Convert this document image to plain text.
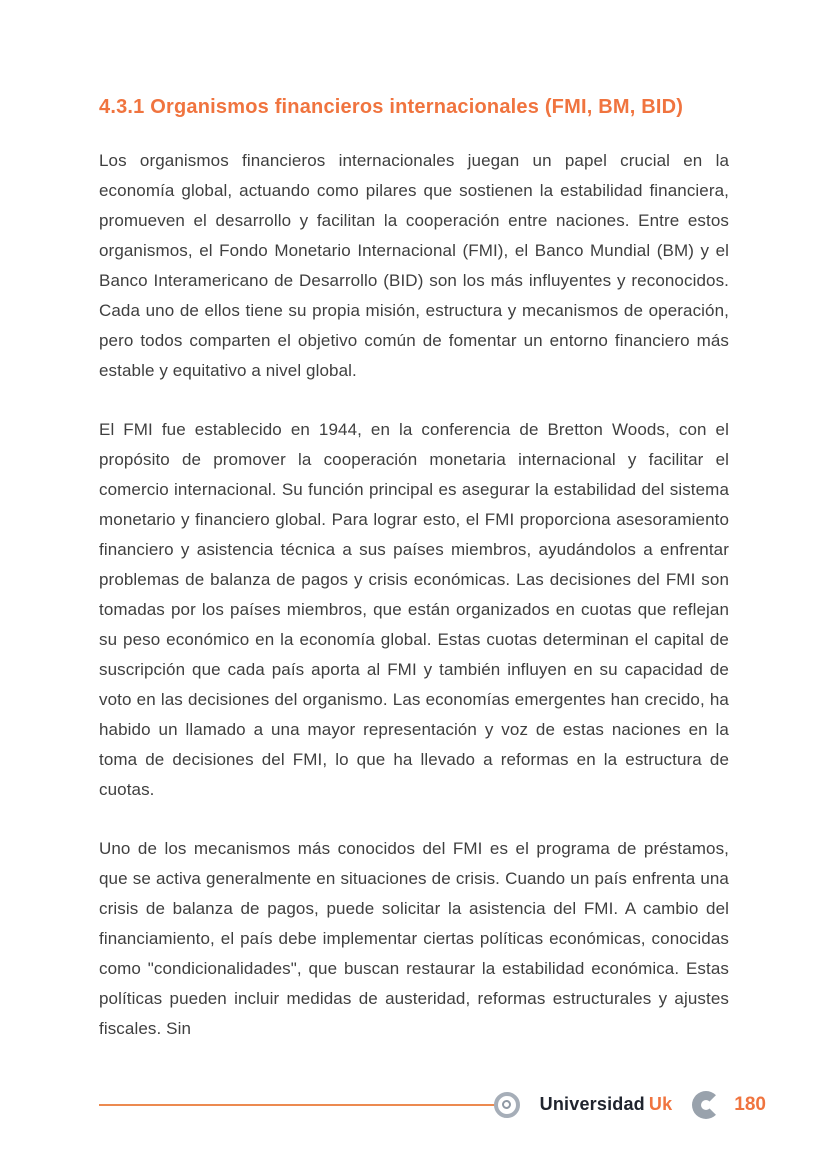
4.3.1 Organismos financieros internacionales (FMI, BM, BID)

Los organismos financieros internacionales juegan un papel crucial en la economía global, actuando como pilares que sostienen la estabilidad financiera, promueven el desarrollo y facilitan la cooperación entre naciones. Entre estos organismos, el Fondo Monetario Internacional (FMI), el Banco Mundial (BM) y el Banco Interamericano de Desarrollo (BID) son los más influyentes y reconocidos. Cada uno de ellos tiene su propia misión, estructura y mecanismos de operación, pero todos comparten el objetivo común de fomentar un entorno financiero más estable y equitativo a nivel global.

El FMI fue establecido en 1944, en la conferencia de Bretton Woods, con el propósito de promover la cooperación monetaria internacional y facilitar el comercio internacional. Su función principal es asegurar la estabilidad del sistema monetario y financiero global. Para lograr esto, el FMI proporciona asesoramiento financiero y asistencia técnica a sus países miembros, ayudándolos a enfrentar problemas de balanza de pagos y crisis económicas. Las decisiones del FMI son tomadas por los países miembros, que están organizados en cuotas que reflejan su peso económico en la economía global. Estas cuotas determinan el capital de suscripción que cada país aporta al FMI y también influyen en su capacidad de voto en las decisiones del organismo. Las economías emergentes han crecido, ha habido un llamado a una mayor representación y voz de estas naciones en la toma de decisiones del FMI, lo que ha llevado a reformas en la estructura de cuotas.

Uno de los mecanismos más conocidos del FMI es el programa de préstamos, que se activa generalmente en situaciones de crisis. Cuando un país enfrenta una crisis de balanza de pagos, puede solicitar la asistencia del FMI. A cambio del financiamiento, el país debe implementar ciertas políticas económicas, conocidas como "condicionalidades", que buscan restaurar la estabilidad económica. Estas políticas pueden incluir medidas de austeridad, reformas estructurales y ajustes fiscales. Sin

Universidad Uk	180
